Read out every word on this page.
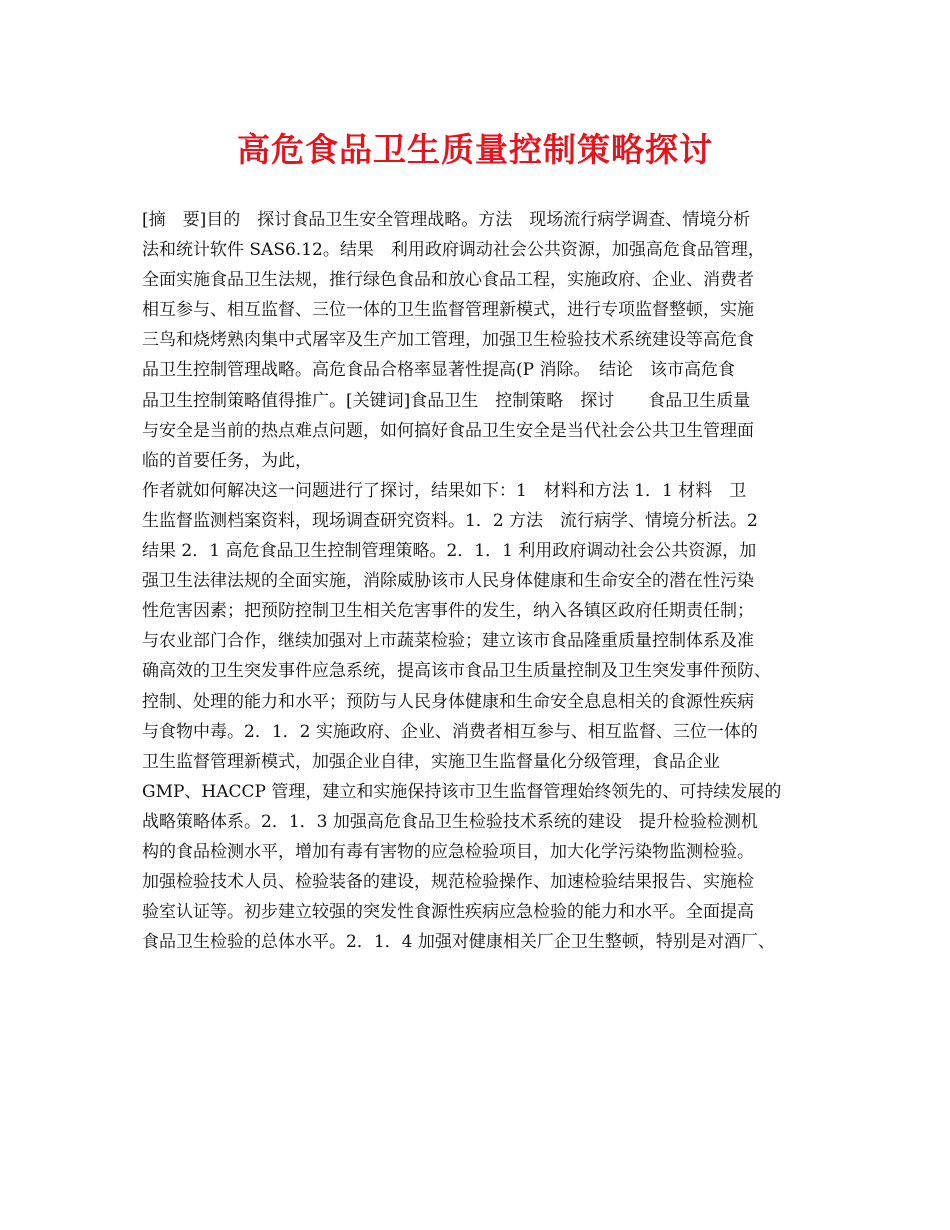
高危食品卫生质量控制策略探讨
[摘　要]目的　探讨食品卫生安全管理战略。方法　现场流行病学调查、情境分析
法和统计软件 SAS6.12。结果　利用政府调动社会公共资源，加强高危食品管理，
全面实施食品卫生法规，推行绿色食品和放心食品工程，实施政府、企业、消费者
相互参与、相互监督、三位一体的卫生监督管理新模式，进行专项监督整顿，实施
三鸟和烧烤熟肉集中式屠宰及生产加工管理，加强卫生检验技术系统建设等高危食
品卫生控制管理战略。高危食品合格率显著性提高(P 消除。　结论　该市高危食
品卫生控制策略值得推广。[关键词]食品卫生　控制策略　探讨　　食品卫生质量
与安全是当前的热点难点问题，如何搞好食品卫生安全是当代社会公共卫生管理面
临的首要任务，为此，
作者就如何解决这一问题进行了探讨，结果如下：1　材料和方法 1．1 材料　卫
生监督监测档案资料，现场调查研究资料。1．2 方法　流行病学、情境分析法。2
结果 2．1 高危食品卫生控制管理策略。2．1．1 利用政府调动社会公共资源，加
强卫生法律法规的全面实施，消除威胁该市人民身体健康和生命安全的潜在性污染
性危害因素；把预防控制卫生相关危害事件的发生，纳入各镇区政府任期责任制；
与农业部门合作，继续加强对上市蔬菜检验；建立该市食品隆重质量控制体系及准
确高效的卫生突发事件应急系统，提高该市食品卫生质量控制及卫生突发事件预防、
控制、处理的能力和水平；预防与人民身体健康和生命安全息息相关的食源性疾病
与食物中毒。2．1．2 实施政府、企业、消费者相互参与、相互监督、三位一体的
卫生监督管理新模式，加强企业自律，实施卫生监督量化分级管理，食品企业
GMP、HACCP 管理，建立和实施保持该市卫生监督管理始终领先的、可持续发展的
战略策略体系。2．1．3 加强高危食品卫生检验技术系统的建设　提升检验检测机
构的食品检测水平，增加有毒有害物的应急检验项目，加大化学污染物监测检验。
加强检验技术人员、检验装备的建设，规范检验操作、加速检验结果报告、实施检
验室认证等。初步建立较强的突发性食源性疾病应急检验的能力和水平。全面提高
食品卫生检验的总体水平。2．1．4 加强对健康相关厂企卫生整顿，特别是对酒厂、
